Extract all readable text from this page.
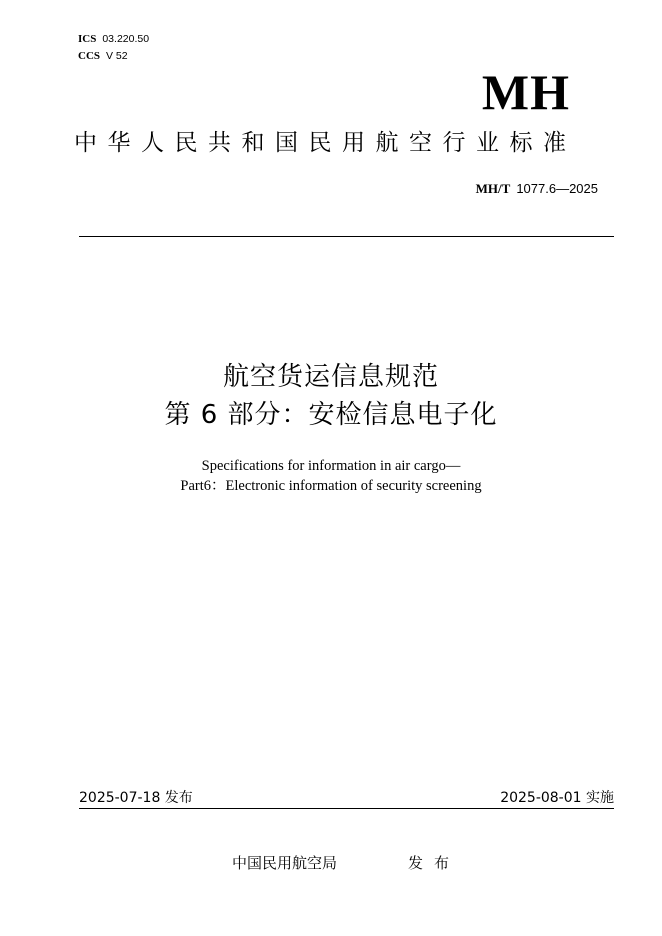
ICS 03.220.50
CCS V 52
MH
中华人民共和国民用航空行业标准
MH/T 1077.6—2025
航空货运信息规范
第 6 部分：安检信息电子化
Specifications for information in air cargo—
Part6：Electronic information of security screening
2025-07-18 发布	2025-08-01 实施
中国民用航空局	发布
